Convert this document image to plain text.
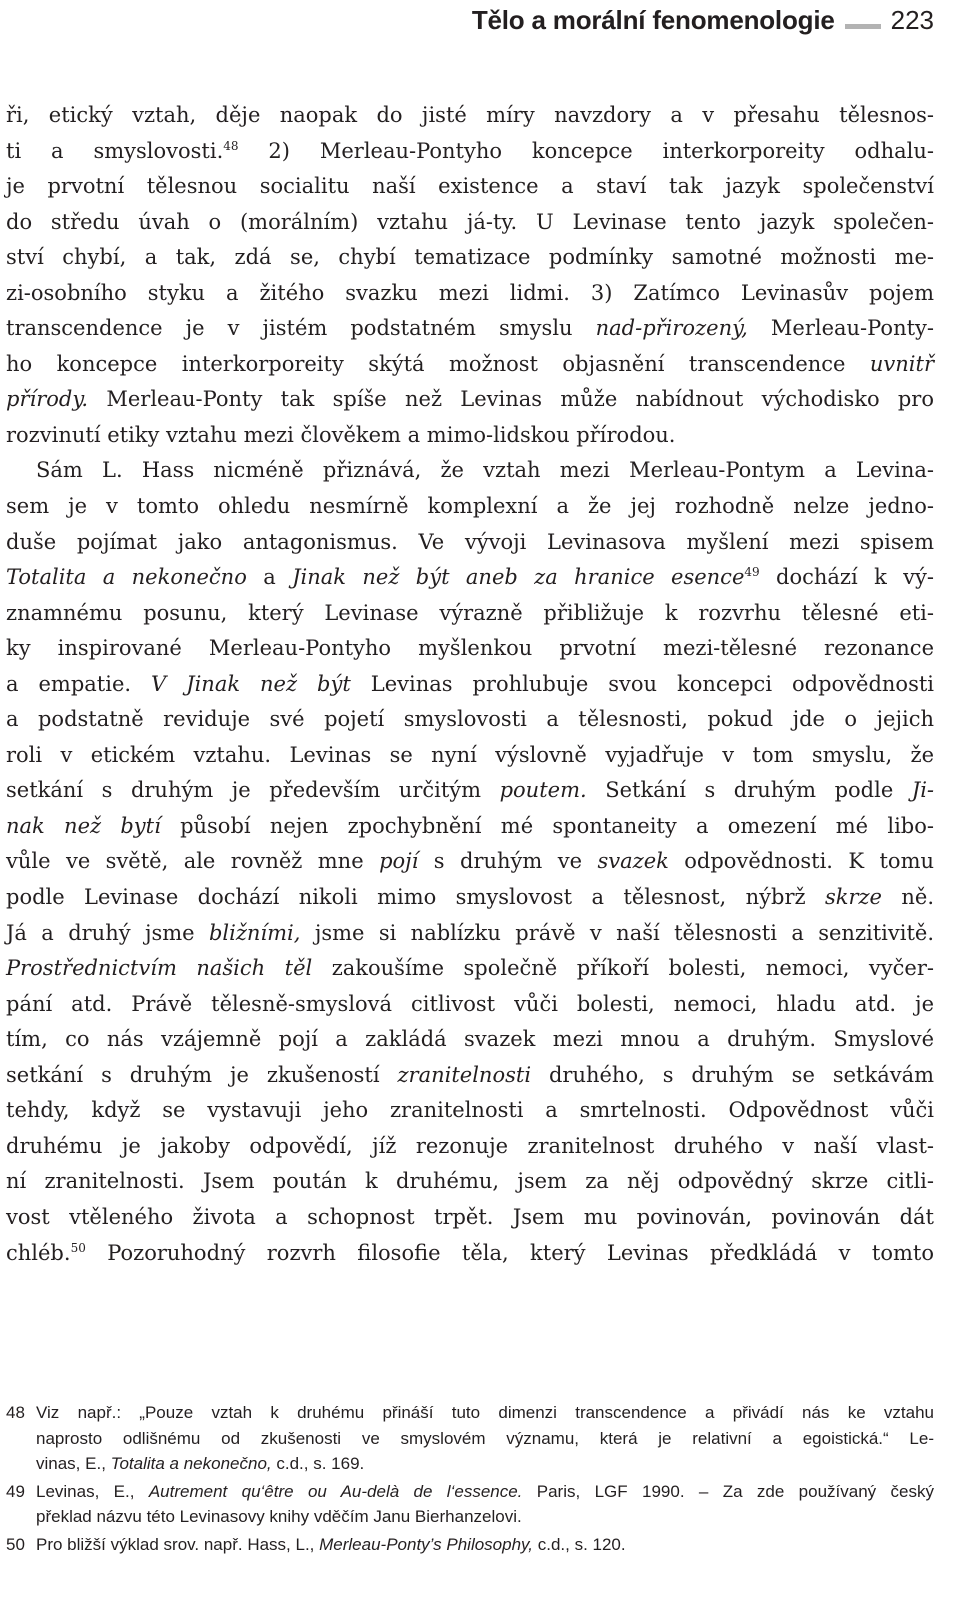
Tělo a morální fenomenologie 223

ři, etický vztah, děje naopak do jisté míry navzdory a v přesahu tělesnos-
ti a smyslovosti.$^{48}$ 2) Merleau-Pontyho koncepce interkorporeity odhalu-
je prvotní tělesnou socialitu naší existence a staví tak jazyk společenství
do středu úvah o (morálním) vztahu já-ty. U Levinase tento jazyk společen-
ství chybí, a tak, zdá se, chybí tematizace podmínky samotné možnosti me-
zi-osobního styku a žitého svazku mezi lidmi. 3) Zatímco Levinasův pojem
transcendence je v jistém podstatném smyslu nad-přirozený, Merleau-Ponty-
ho koncepce interkorporeity skýtá možnost objasnění transcendence uvnitř
přírody. Merleau-Ponty tak spíše než Levinas může nabídnout východisko pro
rozvinutí etiky vztahu mezi člověkem a mimo-lidskou přírodou.
Sám L. Hass nicméně přiznává, že vztah mezi Merleau-Pontym a Levina-
sem je v tomto ohledu nesmírně komplexní a že jej rozhodně nelze jedno-
duše pojímat jako antagonismus. Ve vývoji Levinasova myšlení mezi spisem
Totalita a nekonečno a Jinak než být aneb za hranice esence$^{49}$ dochází k vý-
znamnému posunu, který Levinase výrazně přibližuje k rozvrhu tělesné eti-
ky inspirované Merleau-Pontyho myšlenkou prvotní mezi-tělesné rezonance
a empatie. V Jinak než být Levinas prohlubuje svou koncepci odpovědnosti
a podstatně reviduje své pojetí smyslovosti a tělesnosti, pokud jde o jejich
roli v etickém vztahu. Levinas se nyní výslovně vyjadřuje v tom smyslu, že
setkání s druhým je především určitým poutem. Setkání s druhým podle Ji-
nak než bytí působí nejen zpochybnění mé spontaneity a omezení mé libo-
vůle ve světě, ale rovněž mne pojí s druhým ve svazek odpovědnosti. K tomu
podle Levinase dochází nikoli mimo smyslovost a tělesnost, nýbrž skrze ně.
Já a druhý jsme bližními, jsme si nablízku právě v naší tělesnosti a senzitivitě.
Prostřednictvím našich těl zakoušíme společně příkoří bolesti, nemoci, vyčer-
pání atd. Právě tělesně-smyslová citlivost vůči bolesti, nemoci, hladu atd. je
tím, co nás vzájemně pojí a zakládá svazek mezi mnou a druhým. Smyslové
setkání s druhým je zkušeností zranitelnosti druhého, s druhým se setkávám
tehdy, když se vystavuji jeho zranitelnosti a smrtelnosti. Odpovědnost vůči
druhému je jakoby odpovědí, jíž rezonuje zranitelnost druhého v naší vlast-
ní zranitelnosti. Jsem poután k druhému, jsem za něj odpovědný skrze citli-
vost vtěleného života a schopnost trpět. Jsem mu povinován, povinován dát
chléb.$^{50}$ Pozoruhodný rozvrh filosofie těla, který Levinas předkládá v tomto

48 Viz např.: „Pouze vztah k druhému přináší tuto dimenzi transcendence a přivádí nás ke vztahu
naprosto odlišnému od zkušenosti ve smyslovém významu, která je relativní a egoistická.“ Le-
vinas, E., Totalita a nekonečno, c.d., s. 169.
49 Levinas, E., Autrement qu‘être ou Au-delà de l‘essence. Paris, LGF 1990. – Za zde používaný český
překlad názvu této Levinasovy knihy vděčím Janu Bierhanzelovi.
50 Pro bližší výklad srov. např. Hass, L., Merleau-Ponty’s Philosophy, c.d., s. 120.
